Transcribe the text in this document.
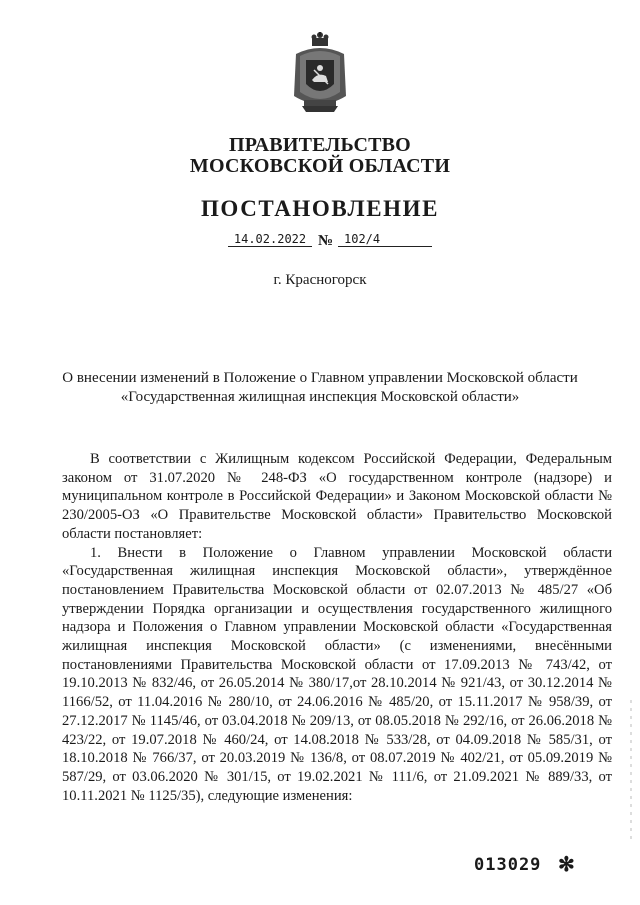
ПРАВИТЕЛЬСТВО
МОСКОВСКОЙ ОБЛАСТИ
ПОСТАНОВЛЕНИЕ
14.02.2022 № 102/4
г. Красногорск
О внесении изменений в Положение о Главном управлении Московской области
«Государственная жилищная инспекция Московской области»

В соответствии с Жилищным кодексом Российской Федерации, Федеральным законом от 31.07.2020 № 248-ФЗ «О государственном контроле (надзоре) и муниципальном контроле в Российской Федерации» и Законом Московской области № 230/2005-ОЗ «О Правительстве Московской области» Правительство Московской области постановляет:

1. Внести в Положение о Главном управлении Московской области «Государственная жилищная инспекция Московской области», утверждённое постановлением Правительства Московской области от 02.07.2013 № 485/27 «Об утверждении Порядка организации и осуществления государственного жилищного надзора и Положения о Главном управлении Московской области «Государственная жилищная инспекция Московской области» (с изменениями, внесёнными постановлениями Правительства Московской области от 17.09.2013 № 743/42, от 19.10.2013 № 832/46, от 26.05.2014 № 380/17,от 28.10.2014 № 921/43, от 30.12.2014 № 1166/52, от 11.04.2016 № 280/10, от 24.06.2016 № 485/20, от 15.11.2017 № 958/39, от 27.12.2017 № 1145/46, от 03.04.2018 № 209/13, от 08.05.2018 № 292/16, от 26.06.2018 № 423/22, от 19.07.2018 № 460/24, от 14.08.2018 № 533/28, от 04.09.2018 № 585/31, от 18.10.2018 № 766/37, от 20.03.2019 № 136/8, от 08.07.2019 № 402/21, от 05.09.2019 № 587/29, от 03.06.2020 № 301/15, от 19.02.2021 № 111/6, от 21.09.2021 № 889/33, от 10.11.2021 № 1125/35), следующие изменения:

013029 ✻
